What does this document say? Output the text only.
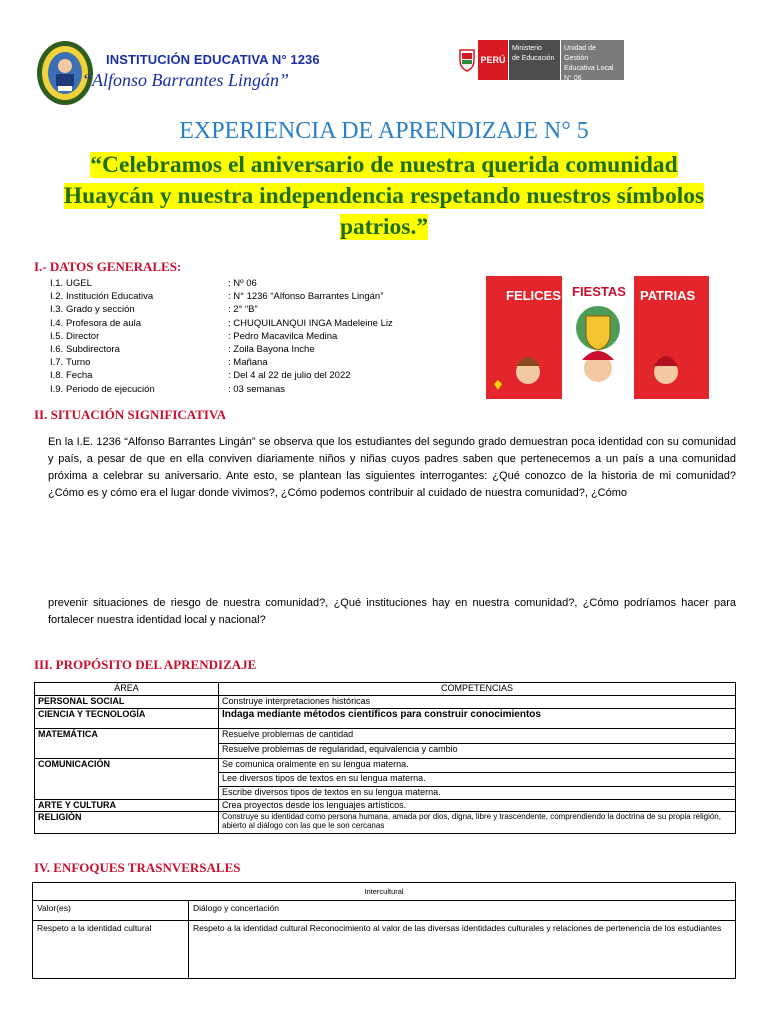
INSTITUCIÓN EDUCATIVA N° 1236
“Alfonso Barrantes Lingán”
PERÚ
Ministerio
de Educación
Unidad de Gestión
Educativa Local N° 06
EXPERIENCIA DE APRENDIZAJE N° 5
“Celebramos el aniversario de nuestra querida comunidad
Huaycán y nuestra independencia respetando nuestros símbolos
patrios.”
I.- DATOS GENERALES:
I.1. UGEL	: Nº 06
I.2. Institución Educativa	: N° 1236 “Alfonso Barrantes Lingán”
I.3. Grado y sección	: 2° “B”
I.4. Profesora de aula	: CHUQUILANQUI INGA Madeleine Liz
I.5. Director	: Pedro Macavilca Medina
I.6. Subdirectora	: Zoila Bayona Inche
I.7. Turno	: Mañana
I.8. Fecha	: Del 4 al 22 de julio del 2022
I.9. Periodo de ejecución	: 03 semanas
FELICES FIESTAS PATRIAS
II. SITUACIÓN SIGNIFICATIVA
En la I.E. 1236 “Alfonso Barrantes Lingán” se observa que los estudiantes del segundo grado demuestran poca identidad con su comunidad y país, a pesar de que en ella conviven diariamente niños y niñas cuyos padres saben que pertenecemos a un país a una comunidad próxima a celebrar su aniversario. Ante esto, se plantean las siguientes interrogantes: ¿Qué conozco de la historia de mi comunidad? ¿Cómo es y cómo era el lugar donde vivimos?, ¿Cómo podemos contribuir al cuidado de nuestra comunidad?, ¿Cómo
prevenir situaciones de riesgo de nuestra comunidad?, ¿Qué instituciones hay en nuestra comunidad?, ¿Cómo podríamos hacer para fortalecer nuestra identidad local y nacional?
III. PROPÓSITO DEL APRENDIZAJE
ÁREA	COMPETENCIAS
PERSONAL SOCIAL	Construye interpretaciones históricas
CIENCIA Y TECNOLOGÍA	Indaga mediante métodos científicos para construir conocimientos
MATEMÁTICA	Resuelve problemas de cantidad
	Resuelve problemas de regularidad, equivalencia y cambio
COMUNICACIÓN	Se comunica oralmente en su lengua materna.
	Lee diversos tipos de textos en su lengua materna.
	Escribe diversos tipos de textos en su lengua materna.
ARTE Y CULTURA	Crea proyectos desde los lenguajes artísticos.
RELIGIÓN	Construye su identidad como persona humana, amada por dios, digna, libre y trascendente, comprendiendo la doctrina de su propia religión, abierto al diálogo con las que le son cercanas
IV. ENFOQUES TRASNVERSALES
Intercultural	
Valor(es)	Diálogo y concertación
Respeto a la identidad cultural	Respeto a la identidad cultural Reconocimiento al valor de las diversas identidades culturales y relaciones de pertenencia de los estudiantes
